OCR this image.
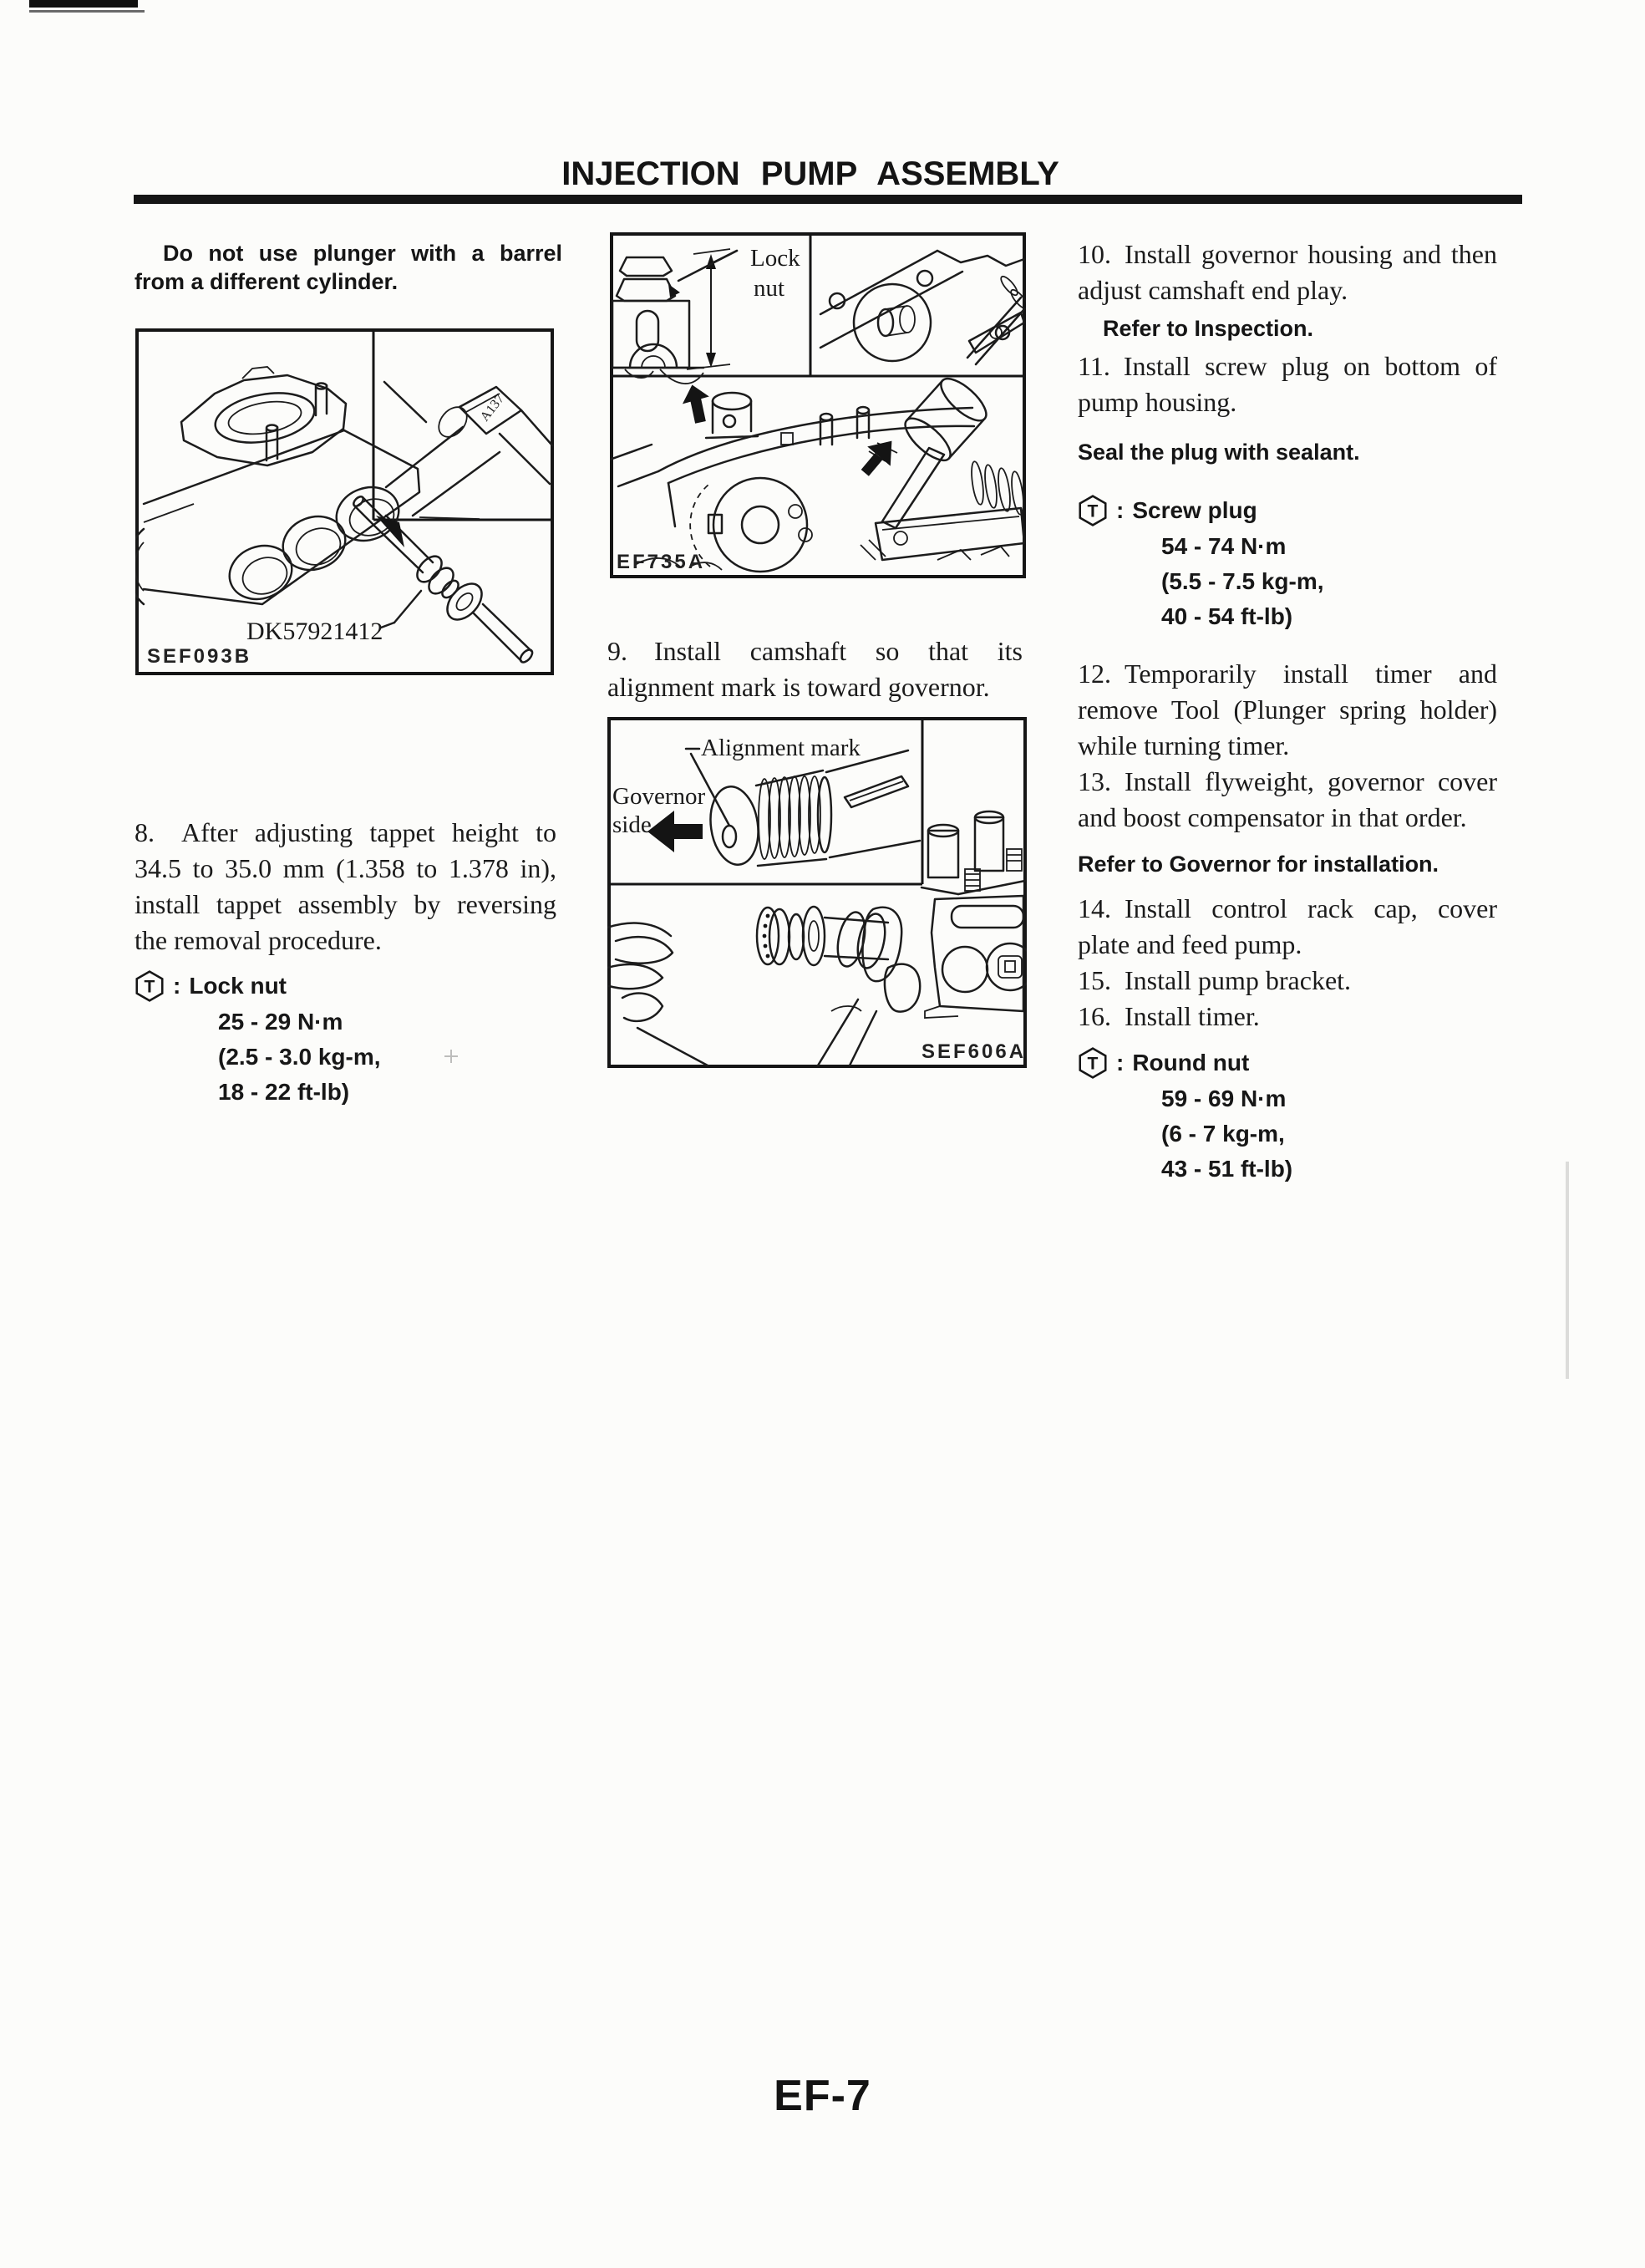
INJECTION PUMP ASSEMBLY

Do not use plunger with a barrel from a different cylinder.

A137
DK57921412
SEF093B

8.  After adjusting tappet height to 34.5 to 35.0 mm (1.358 to 1.378 in), install tappet assembly by reversing the removal procedure.

T : Lock nut
25 - 29 N·m
(2.5 - 3.0 kg-m,
18 - 22 ft-lb)
Lock
nut
EF735A

9.  Install camshaft so that its alignment mark is toward governor.

Alignment mark
Governor
side
SEF606A

10. Install governor housing and then adjust camshaft end play.

Refer to Inspection.

11. Install screw plug on bottom of pump housing.

Seal the plug with sealant.

T : Screw plug
54 - 74 N·m
(5.5 - 7.5 kg-m,
40 - 54 ft-lb)

12. Temporarily install timer and remove Tool (Plunger spring holder) while turning timer.

13. Install flyweight, governor cover and boost compensator in that order.

Refer to Governor for installation.

14. Install control rack cap, cover plate and feed pump.

15. Install pump bracket.

16. Install timer.

T : Round nut
59 - 69 N·m
(6 - 7 kg-m,
43 - 51 ft-lb)
EF-7
